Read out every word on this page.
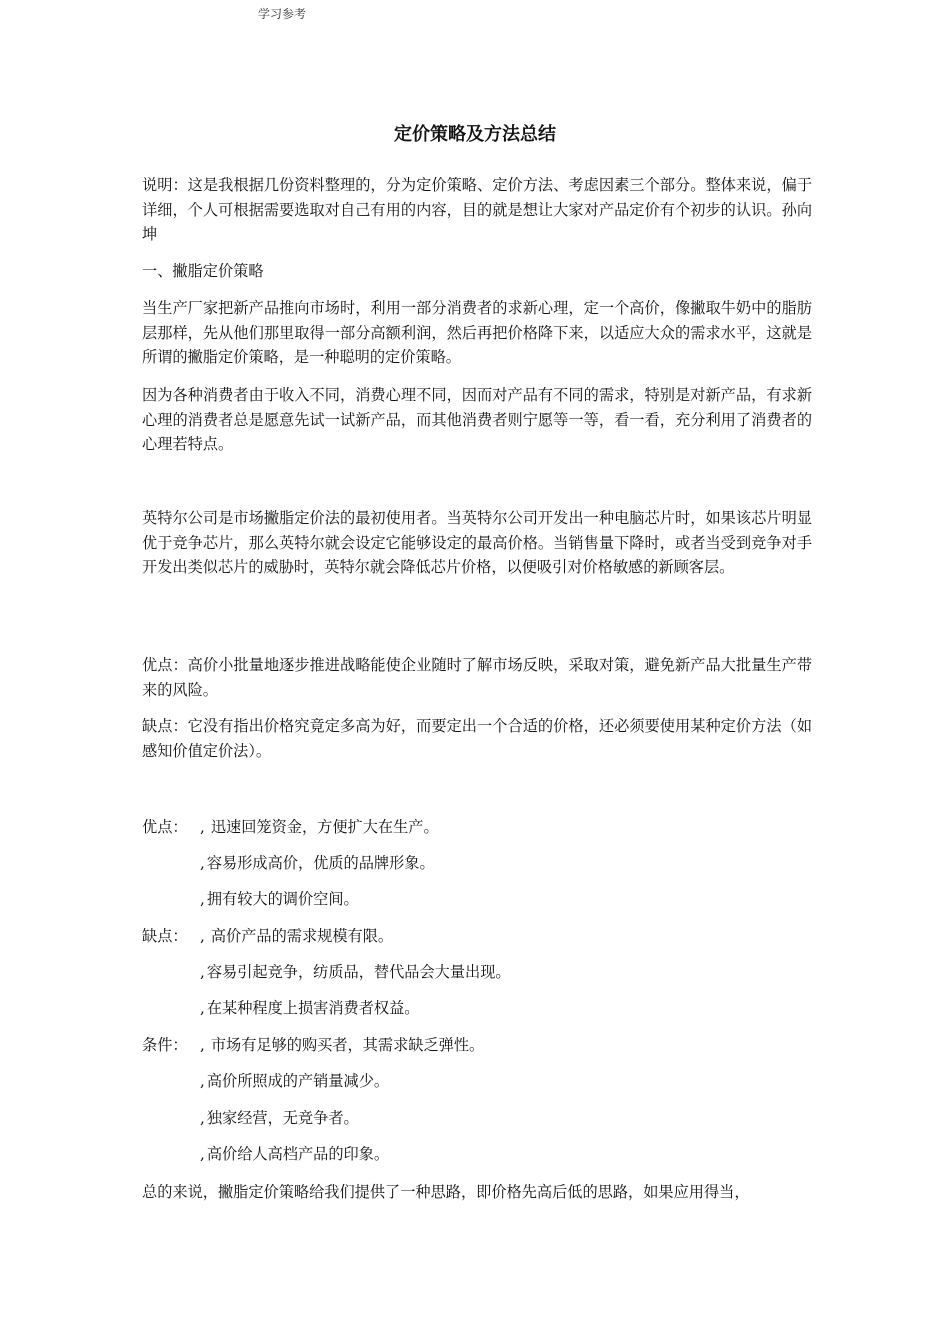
学习参考
定价策略及方法总结
说明：这是我根据几份资料整理的，分为定价策略、定价方法、考虑因素三个部分。整体来说，偏于详细，个人可根据需要选取对自己有用的内容，目的就是想让大家对产品定价有个初步的认识。孙向坤
一、撇脂定价策略
当生产厂家把新产品推向市场时，利用一部分消费者的求新心理，定一个高价，像撇取牛奶中的脂肪层那样，先从他们那里取得一部分高额利润，然后再把价格降下来，以适应大众的需求水平，这就是所谓的撇脂定价策略，是一种聪明的定价策略。
因为各种消费者由于收入不同，消费心理不同，因而对产品有不同的需求，特别是对新产品，有求新心理的消费者总是愿意先试一试新产品，而其他消费者则宁愿等一等，看一看，充分利用了消费者的心理若特点。
英特尔公司是市场撇脂定价法的最初使用者。当英特尔公司开发出一种电脑芯片时，如果该芯片明显优于竞争芯片，那么英特尔就会设定它能够设定的最高价格。当销售量下降时，或者当受到竞争对手开发出类似芯片的威胁时，英特尔就会降低芯片价格，以便吸引对价格敏感的新顾客层。
优点：高价小批量地逐步推进战略能使企业随时了解市场反映，采取对策，避免新产品大批量生产带来的风险。
缺点：它没有指出价格究竟定多高为好，而要定出一个合适的价格，还必须要使用某种定价方法（如感知价值定价法）。
优点： , 迅速回笼资金，方便扩大在生产。
, 容易形成高价，优质的品牌形象。
, 拥有较大的调价空间。
缺点： , 高价产品的需求规模有限。
, 容易引起竞争，纺质品，替代品会大量出现。
, 在某种程度上损害消费者权益。
条件： , 市场有足够的购买者，其需求缺乏弹性。
, 高价所照成的产销量减少。
, 独家经营，无竞争者。
, 高价给人高档产品的印象。
总的来说，撇脂定价策略给我们提供了一种思路，即价格先高后低的思路，如果应用得当，
